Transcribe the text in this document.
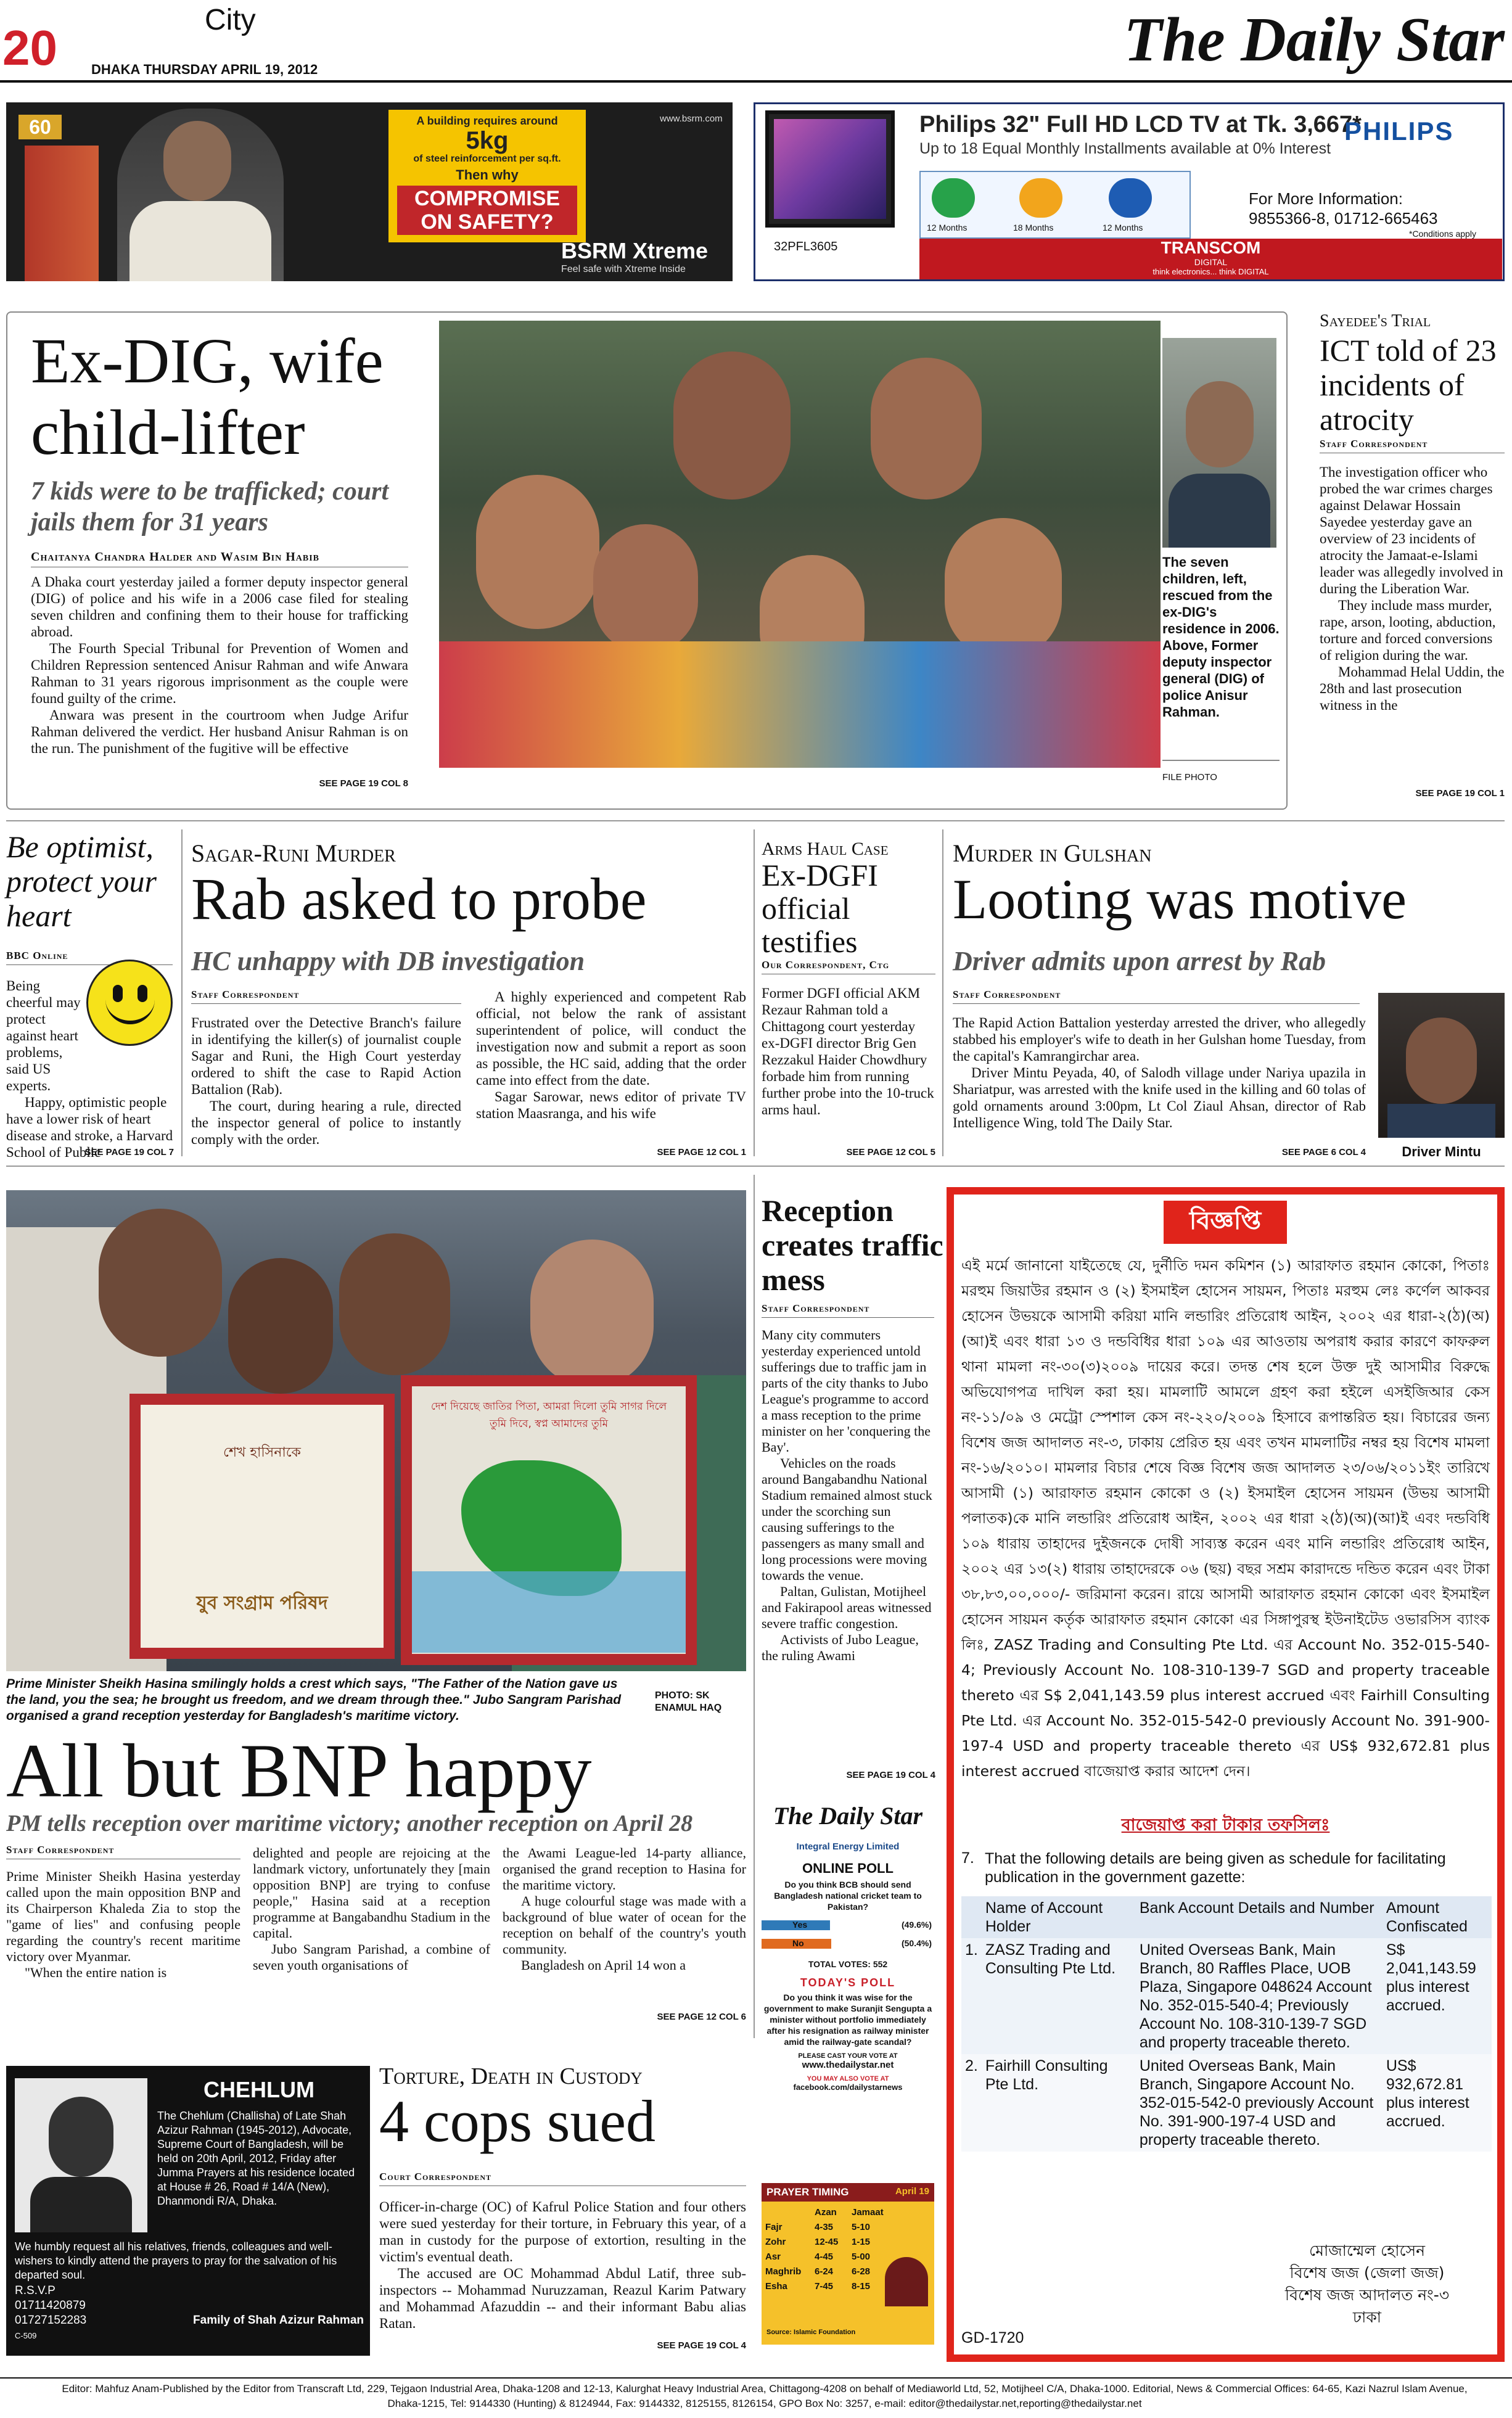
20
City
DHAKA THURSDAY APRIL 19, 2012	The Daily Star
60	A building requires around
5kg
of steel reinforcement per sq.ft.
Then why
COMPROMISE ON SAFETY?
www.bsrm.com
BSRM Xtreme
Feel safe with Xtreme Inside
32PFL3605
Philips 32" Full HD LCD TV at Tk. 3,667*
Up to 18 Equal Monthly Installments available at 0% Interest
PHILIPS
12 Months	18 Months	12 Months
For More Information:
9855366-8, 01712-665463
*Conditions apply
TRANSCOM
DIGITAL
think electronics... think DIGITAL
Ex-DIG, wife child-lifter
7 kids were to be trafficked; court jails them for 31 years
Chaitanya Chandra Halder and Wasim Bin Habib

A Dhaka court yesterday jailed a former deputy inspector general (DIG) of police and his wife in a 2006 case filed for stealing seven children and confining them to their house for trafficking abroad.

The Fourth Special Tribunal for Prevention of Women and Children Repression sentenced Anisur Rahman and wife Anwara Rahman to 31 years rigorous imprisonment as the couple were found guilty of the crime.

Anwara was present in the courtroom when Judge Arifur Rahman delivered the verdict. Her husband Anisur Rahman is on the run. The punishment of the fugitive will be effective

SEE PAGE 19 COL 8
The seven children, left, rescued from the ex-DIG's residence in 2006. Above, Former deputy inspector general (DIG) of police Anisur Rahman.
FILE PHOTO
Sayedee's Trial
ICT told of 23 incidents of atrocity
Staff Correspondent

The investigation officer who probed the war crimes charges against Delawar Hossain Sayedee yesterday gave an overview of 23 incidents of atrocity the Jamaat-e-Islami leader was allegedly involved in during the Liberation War.

They include mass murder, rape, arson, looting, abduction, torture and forced conversions of religion during the war.

Mohammad Helal Uddin, the 28th and last prosecution witness in the

SEE PAGE 19 COL 1
Be optimist, protect your heart
BBC Online

Being cheerful may protect against heart problems, said US experts.

Happy, optimistic people have a lower risk of heart disease and stroke, a Harvard School of Public

SEE PAGE 19 COL 7
Sagar-Runi Murder
Rab asked to probe
HC unhappy with DB investigation
Staff Correspondent

Frustrated over the Detective Branch's failure in identifying the killer(s) of journalist couple Sagar and Runi, the High Court yesterday ordered to shift the case to Rapid Action Battalion (Rab).

The court, during hearing a rule, directed the inspector general of police to instantly comply with the order.

A highly experienced and competent Rab official, not below the rank of assistant superintendent of police, will conduct the investigation now and submit a report as soon as possible, the HC said, adding that the order came into effect from the date.

Sagar Sarowar, news editor of private TV station Maasranga, and his wife

SEE PAGE 12 COL 1
Arms Haul Case
Ex-DGFI official testifies
Our Correspondent, Ctg

Former DGFI official AKM Rezaur Rahman told a Chittagong court yesterday ex-DGFI director Brig Gen Rezzakul Haider Chowdhury forbade him from running further probe into the 10-truck arms haul.

SEE PAGE 12 COL 5
Murder in Gulshan
Looting was motive
Driver admits upon arrest by Rab
Staff Correspondent

The Rapid Action Battalion yesterday arrested the driver, who allegedly stabbed his employer's wife to death in her Gulshan home Tuesday, from the capital's Kamrangirchar area.

Driver Mintu Peyada, 40, of Salodh village under Nariya upazila in Shariatpur, was arrested with the knife used in the killing and 60 tolas of gold ornaments around 3:00pm, Lt Col Ziaul Ahsan, director of Rab Intelligence Wing, told The Daily Star.

SEE PAGE 6 COL 4	Driver Mintu
শেখ হাসিনাকে
যুব সংগ্রাম পরিষদ
দেশ দিয়েছে জাতির পিতা, আমরা দিলো তুমি সাগর দিলে তুমি দিবে, স্বপ্ন আমাদের তুমি
Prime Minister Sheikh Hasina smilingly holds a crest which says, "The Father of the Nation gave us the land, you the sea; he brought us freedom, and we dream through thee." Jubo Sangram Parishad organised a grand reception yesterday for Bangladesh's maritime victory.
PHOTO: SK ENAMUL HAQ
All but BNP happy
PM tells reception over maritime victory; another reception on April 28
Staff Correspondent

Prime Minister Sheikh Hasina yesterday called upon the main opposition BNP and its Chairperson Khaleda Zia to stop the "game of lies" and confusing people regarding the country's recent maritime victory over Myanmar.

"When the entire nation is

delighted and people are rejoicing at the landmark victory, unfortunately they [main opposition BNP] are trying to confuse people," Hasina said at a reception programme at Bangabandhu Stadium in the capital.

Jubo Sangram Parishad, a combine of seven youth organisations of

the Awami League-led 14-party alliance, organised the grand reception to Hasina for the maritime victory.

A huge colourful stage was made with a background of blue water of ocean for the reception on behalf of the country's youth community.

Bangladesh on April 14 won a

SEE PAGE 12 COL 6
Reception creates traffic mess
Staff Correspondent

Many city commuters yesterday experienced untold sufferings due to traffic jam in parts of the city thanks to Jubo League's programme to accord a mass reception to the prime minister on her 'conquering the Bay'.

Vehicles on the roads around Bangabandhu National Stadium remained almost stuck under the scorching sun causing sufferings to the passengers as many small and long processions were moving towards the venue.

Paltan, Gulistan, Motijheel and Fakirapool areas witnessed severe traffic congestion.

Activists of Jubo League, the ruling Awami

SEE PAGE 19 COL 4
The Daily Star
Integral Energy Limited
ONLINE POLL
Do you think BCB should send Bangladesh national cricket team to Pakistan?
Yes	(49.6%)
No	(50.4%)
TOTAL VOTES: 552
TODAY'S POLL
Do you think it was wise for the government to make Suranjit Sengupta a minister without portfolio immediately after his resignation as railway minister amid the railway-gate scandal?
PLEASE CAST YOUR VOTE AT
www.thedailystar.net
YOU MAY ALSO VOTE AT
facebook.com/dailystarnews
PRAYER TIMING	April 19
	Azan	Jamaat
Fajr	4-35	5-10
Zohr	12-45	1-15
Asr	4-45	5-00
Maghrib	6-24	6-28
Esha	7-45	8-15
Source: Islamic Foundation
CHEHLUM
The Chehlum (Challisha) of Late Shah Azizur Rahman (1945-2012), Advocate, Supreme Court of Bangladesh, will be held on 20th April, 2012, Friday after Jumma Prayers at his residence located at House # 26, Road # 14/A (New), Dhanmondi R/A, Dhaka.
We humbly request all his relatives, friends, colleagues and well-wishers to kindly attend the prayers to pray for the salvation of his departed soul.
R.S.V.P
01711420879
01727152283
C-509
Family of Shah Azizur Rahman
Torture, Death in Custody
4 cops sued
Court Correspondent

Officer-in-charge (OC) of Kafrul Police Station and four others were sued yesterday for their torture, in February this year, of a man in custody for the purpose of extortion, resulting in the victim's eventual death.

The accused are OC Mohammad Abdul Latif, three sub-inspectors -- Mohammad Nuruzzaman, Reazul Karim Patwary and Mohammad Afazuddin -- and their informant Babu alias Ratan.

SEE PAGE 19 COL 4
বিজ্ঞপ্তি
এই মর্মে জানানো যাইতেছে যে, দুর্নীতি দমন কমিশন (১) আরাফাত রহমান কোকো, পিতাঃ মরহুম জিয়াউর রহমান ও (২) ইসমাইল হোসেন সায়মন, পিতাঃ মরহুম লেঃ কর্ণেল আকবর হোসেন উভয়কে আসামী করিয়া মানি লন্ডারিং প্রতিরোধ আইন, ২০০২ এর ধারা-২(ঠ)(অ)(আ)ই এবং ধারা ১৩ ও দন্ডবিধির ধারা ১০৯ এর আওতায় অপরাধ করার কারণে কাফরুল থানা মামলা নং-৩০(৩)২০০৯ দায়ের করে। তদন্ত শেষ হলে উক্ত দুই আসামীর বিরুদ্ধে অভিযোগপত্র দাখিল করা হয়। মামলাটি আমলে গ্রহণ করা হইলে এসইজিআর কেস নং-১১/০৯ ও মেট্রো স্পেশাল কেস নং-২২০/২০০৯ হিসাবে রূপান্তরিত হয়। বিচারের জন্য বিশেষ জজ আদালত নং-৩, ঢাকায় প্রেরিত হয় এবং তখন মামলাটির নম্বর হয় বিশেষ মামলা নং-১৬/২০১০। মামলার বিচার শেষে বিজ্ঞ বিশেষ জজ আদালত ২৩/০৬/২০১১ইং তারিখে আসামী (১) আরাফাত রহমান কোকো ও (২) ইসমাইল হোসেন সায়মন (উভয় আসামী পলাতক)কে মানি লন্ডারিং প্রতিরোধ আইন, ২০০২ এর ধারা ২(ঠ)(অ)(আ)ই এবং দন্ডবিধি ১০৯ ধারায় তাহাদের দুইজনকে দোষী সাব্যস্ত করেন এবং মানি লন্ডারিং প্রতিরোধ আইন, ২০০২ এর ১৩(২) ধারায় তাহাদেরকে ০৬ (ছয়) বছর সশ্রম কারাদন্ডে দন্ডিত করেন এবং টাকা ৩৮,৮৩,০০,০০০/- জরিমানা করেন। রায়ে আসামী আরাফাত রহমান কোকো এবং ইসমাইল হোসেন সায়মন কর্তৃক আরাফাত রহমান কোকো এর সিঙ্গাপুরস্থ ইউনাইটেড ওভারসিস ব্যাংক লিঃ, ZASZ Trading and Consulting Pte Ltd. এর Account No. 352-015-540-4; Previously Account No. 108-310-139-7 SGD and property traceable thereto এর S$ 2,041,143.59 plus interest accrued এবং Fairhill Consulting Pte Ltd. এর Account No. 352-015-542-0 previously Account No. 391-900-197-4 USD and property traceable thereto এর US$ 932,672.81 plus interest accrued বাজেয়াপ্ত করার আদেশ দেন।
বাজেয়াপ্ত করা টাকার তফসিলঃ
7. That the following details are being given as schedule for facilitating publication in the government gazette:
	Name of Account Holder	Bank Account Details and Number	Amount Confiscated
1.	ZASZ Trading and Consulting Pte Ltd.	United Overseas Bank, Main Branch, 80 Raffles Place, UOB Plaza, Singapore 048624 Account No. 352-015-540-4; Previously Account No. 108-310-139-7 SGD and property traceable thereto.	S$ 2,041,143.59 plus interest accrued.
2.	Fairhill Consulting Pte Ltd.	United Overseas Bank, Main Branch, Singapore Account No. 352-015-542-0 previously Account No. 391-900-197-4 USD and property traceable thereto.	US$ 932,672.81 plus interest accrued.
মোজাম্মেল হোসেন
বিশেষ জজ (জেলা জজ)
বিশেষ জজ আদালত নং-৩
ঢাকা
GD-1720
Editor: Mahfuz Anam-Published by the Editor from Transcraft Ltd, 229, Tejgaon Industrial Area, Dhaka-1208 and 12-13, Kalurghat Heavy Industrial Area, Chittagong-4208 on behalf of Mediaworld Ltd, 52, Motijheel C/A, Dhaka-1000. Editorial, News & Commercial Offices: 64-65, Kazi Nazrul Islam Avenue,
Dhaka-1215, Tel: 9144330 (Hunting) & 8124944, Fax: 9144332, 8125155, 8126154, GPO Box No: 3257, e-mail: editor@thedailystar.net,reporting@thedailystar.net
